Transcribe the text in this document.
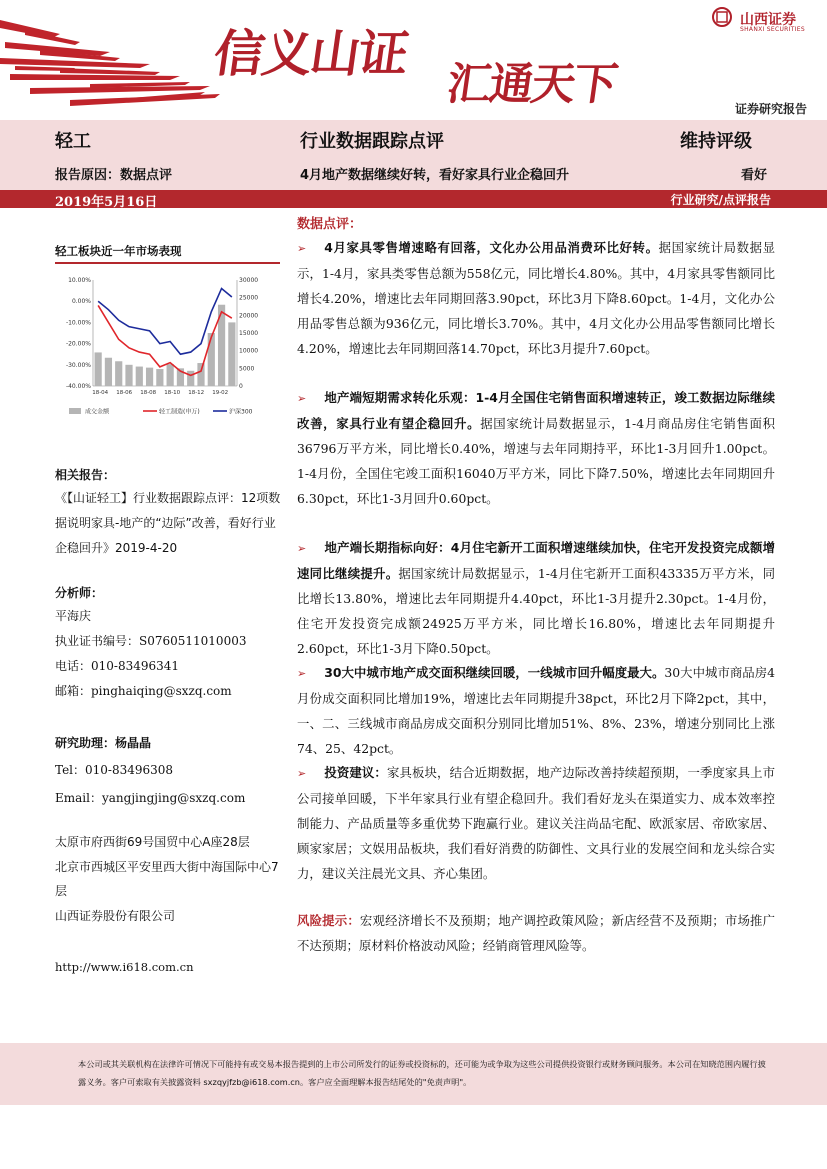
信义山证
汇通天下
山西证券
SHANXI SECURITIES
证券研究报告
轻工	行业数据跟踪点评	维持评级
报告原因：数据点评	4月地产数据继续好转，看好家具行业企稳回升	看好
2019年5月16日	行业研究/点评报告
轻工板块近一年市场表现
10.00%
0.00%
-10.00%
-20.00%
-30.00%
-40.00%
30000
25000
20000
15000
10000
5000
0
18-04 18-06 18-08 18-10 18-12 19-02
成交金额	轻工制造(申万)	沪深300
相关报告：
《【山证轻工】行业数据跟踪点评：12项数据说明家具-地产的“边际”改善，看好行业企稳回升》2019-4-20
分析师：
平海庆
执业证书编号：S0760511010003
电话：010-83496341
邮箱：pinghaiqing@sxzq.com
研究助理：杨晶晶
Tel：010-83496308
Email：yangjingjing@sxzq.com
太原市府西街69号国贸中心A座28层
北京市西城区平安里西大街中海国际中心7层
山西证券股份有限公司
http://www.i618.com.cn
数据点评：
➢ 4月家具零售增速略有回落，文化办公用品消费环比好转。据国家统计局数据显示，1-4月，家具类零售总额为558亿元，同比增长4.80%。其中，4月家具零售额同比增长4.20%，增速比去年同期回落3.90pct，环比3月下降8.60pct。1-4月，文化办公用品零售总额为936亿元，同比增长3.70%。其中，4月文化办公用品零售额同比增长4.20%，增速比去年同期回落14.70pct，环比3月提升7.60pct。
➢ 地产端短期需求转化乐观：1-4月全国住宅销售面积增速转正，竣工数据边际继续改善，家具行业有望企稳回升。据国家统计局数据显示，1-4月商品房住宅销售面积36796万平方米，同比增长0.40%，增速与去年同期持平，环比1-3月回升1.00pct。1-4月份，全国住宅竣工面积16040万平方米，同比下降7.50%，增速比去年同期回升6.30pct，环比1-3月回升0.60pct。
➢ 地产端长期指标向好：4月住宅新开工面积增速继续加快，住宅开发投资完成额增速同比继续提升。据国家统计局数据显示，1-4月住宅新开工面积43335万平方米，同比增长13.80%，增速比去年同期提升4.40pct，环比1-3月提升2.30pct。1-4月份，住宅开发投资完成额24925万平方米，同比增长16.80%，增速比去年同期提升2.60pct，环比1-3月下降0.50pct。
➢ 30大中城市地产成交面积继续回暖，一线城市回升幅度最大。30大中城市商品房4月份成交面积同比增加19%，增速比去年同期提升38pct，环比2月下降2pct，其中，一、二、三线城市商品房成交面积分别同比增加51%、8%、23%，增速分别同比上涨74、25、42pct。
➢ 投资建议：家具板块，结合近期数据，地产边际改善持续超预期，一季度家具上市公司接单回暖，下半年家具行业有望企稳回升。我们看好龙头在渠道实力、成本效率控制能力、产品质量等多重优势下跑赢行业。建议关注尚品宅配、欧派家居、帝欧家居、顾家家居；文娱用品板块，我们看好消费的防御性、文具行业的发展空间和龙头综合实力，建议关注晨光文具、齐心集团。
风险提示：宏观经济增长不及预期；地产调控政策风险；新店经营不及预期；市场推广不达预期；原材料价格波动风险；经销商管理风险等。
本公司或其关联机构在法律许可情况下可能持有或交易本报告提到的上市公司所发行的证券或投资标的，还可能为或争取为这些公司提供投资银行或财务顾问服务。本公司在知晓范围内履行披露义务。客户可索取有关披露资料 sxzqyjfzb@i618.com.cn。客户应全面理解本报告结尾处的"免责声明"。
